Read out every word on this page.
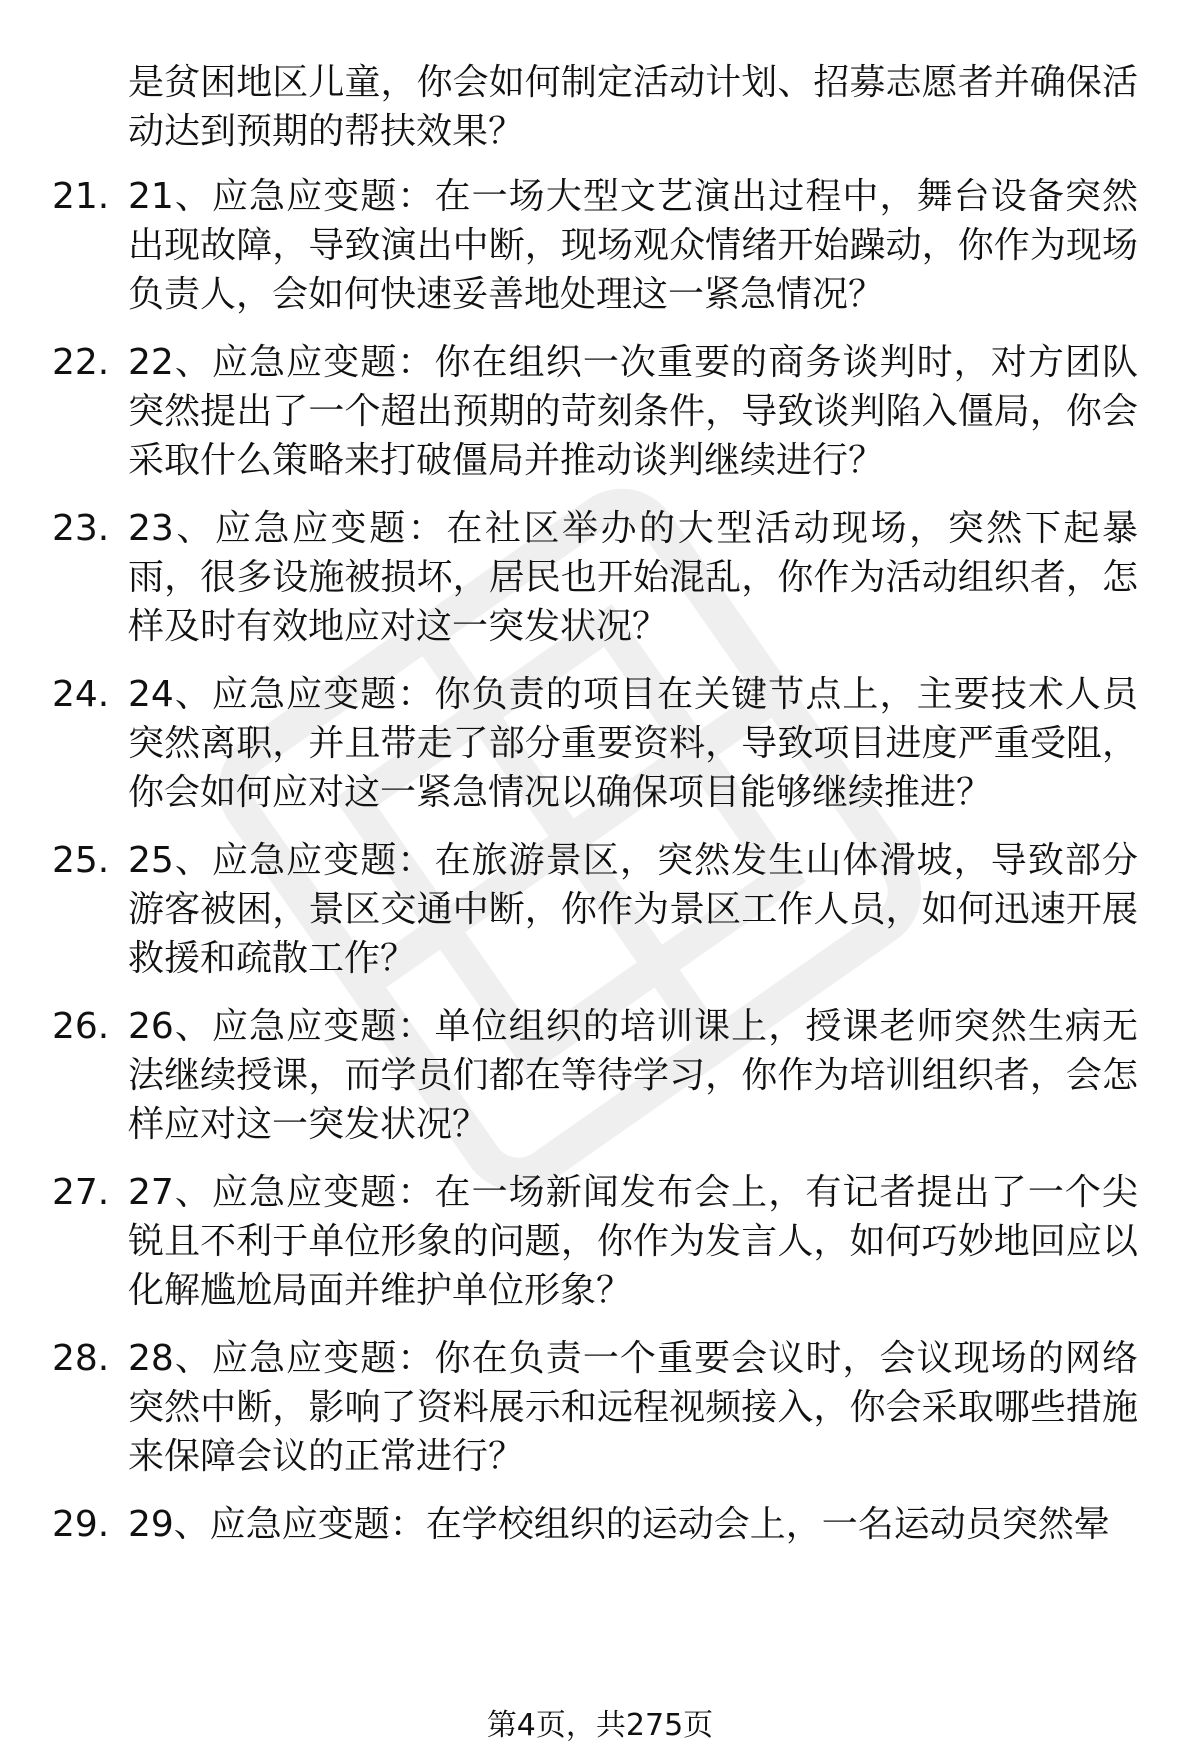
是贫困地区儿童，你会如何制定活动计划、招募志愿者并确保活动达到预期的帮扶效果？
21. 21、应急应变题：在一场大型文艺演出过程中，舞台设备突然出现故障，导致演出中断，现场观众情绪开始躁动，你作为现场负责人，会如何快速妥善地处理这一紧急情况？
22. 22、应急应变题：你在组织一次重要的商务谈判时，对方团队突然提出了一个超出预期的苛刻条件，导致谈判陷入僵局，你会采取什么策略来打破僵局并推动谈判继续进行？
23. 23、应急应变题：在社区举办的大型活动现场，突然下起暴雨，很多设施被损坏，居民也开始混乱，你作为活动组织者，怎样及时有效地应对这一突发状况？
24. 24、应急应变题：你负责的项目在关键节点上，主要技术人员突然离职，并且带走了部分重要资料，导致项目进度严重受阻，你会如何应对这一紧急情况以确保项目能够继续推进？
25. 25、应急应变题：在旅游景区，突然发生山体滑坡，导致部分游客被困，景区交通中断，你作为景区工作人员，如何迅速开展救援和疏散工作？
26. 26、应急应变题：单位组织的培训课上，授课老师突然生病无法继续授课，而学员们都在等待学习，你作为培训组织者，会怎样应对这一突发状况？
27. 27、应急应变题：在一场新闻发布会上，有记者提出了一个尖锐且不利于单位形象的问题，你作为发言人，如何巧妙地回应以化解尴尬局面并维护单位形象？
28. 28、应急应变题：你在负责一个重要会议时，会议现场的网络突然中断，影响了资料展示和远程视频接入，你会采取哪些措施来保障会议的正常进行？
29. 29、应急应变题：在学校组织的运动会上，一名运动员突然晕
第4页，共275页
